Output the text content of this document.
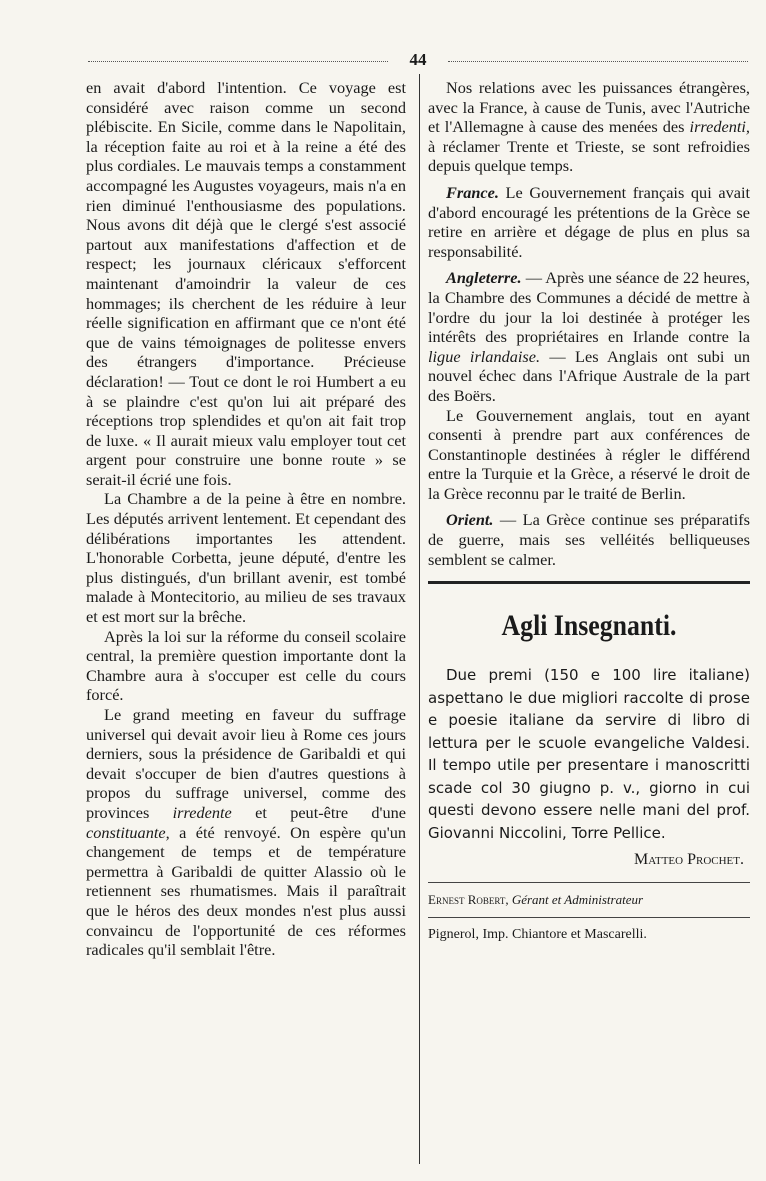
44

en avait d'abord l'intention. Ce voyage est considéré avec raison comme un second plébiscite. En Sicile, comme dans le Napolitain, la réception faite au roi et à la reine a été des plus cordiales. Le mauvais temps a constamment accompagné les Augustes voyageurs, mais n'a en rien diminué l'enthousiasme des populations. Nous avons dit déjà que le clergé s'est associé partout aux manifestations d'affection et de respect; les journaux cléricaux s'efforcent maintenant d'amoindrir la valeur de ces hommages; ils cherchent de les réduire à leur réelle signification en affirmant que ce n'ont été que de vains témoignages de politesse envers des étrangers d'importance. Précieuse déclaration! — Tout ce dont le roi Humbert a eu à se plaindre c'est qu'on lui ait préparé des réceptions trop splendides et qu'on ait fait trop de luxe. « Il aurait mieux valu employer tout cet argent pour construire une bonne route » se serait-il écrié une fois.

La Chambre a de la peine à être en nombre. Les députés arrivent lentement. Et cependant des délibérations importantes les attendent. L'honorable Corbetta, jeune député, d'entre les plus distingués, d'un brillant avenir, est tombé malade à Montecitorio, au milieu de ses travaux et est mort sur la brêche.

Après la loi sur la réforme du conseil scolaire central, la première question importante dont la Chambre aura à s'occuper est celle du cours forcé.

Le grand meeting en faveur du suffrage universel qui devait avoir lieu à Rome ces jours derniers, sous la présidence de Garibaldi et qui devait s'occuper de bien d'autres questions à propos du suffrage universel, comme des provinces irredente et peut-être d'une constituante, a été renvoyé. On espère qu'un changement de temps et de température permettra à Garibaldi de quitter Alassio où le retiennent ses rhumatismes. Mais il paraîtrait que le héros des deux mondes n'est plus aussi convaincu de l'opportunité de ces réformes radicales qu'il semblait l'être.

Nos relations avec les puissances étrangères, avec la France, à cause de Tunis, avec l'Autriche et l'Allemagne à cause des menées des irredenti, à réclamer Trente et Trieste, se sont refroidies depuis quelque temps.

France. Le Gouvernement français qui avait d'abord encouragé les prétentions de la Grèce se retire en arrière et dégage de plus en plus sa responsabilité.

Angleterre. — Après une séance de 22 heures, la Chambre des Communes a décidé de mettre à l'ordre du jour la loi destinée à protéger les intérêts des propriétaires en Irlande contre la ligue irlandaise. — Les Anglais ont subi un nouvel échec dans l'Afrique Australe de la part des Boërs.

Le Gouvernement anglais, tout en ayant consenti à prendre part aux conférences de Constantinople destinées à régler le différend entre la Turquie et la Grèce, a réservé le droit de la Grèce reconnu par le traité de Berlin.

Orient. — La Grèce continue ses préparatifs de guerre, mais ses velléités belliqueuses semblent se calmer.

Agli Insegnanti.

Due premi (150 e 100 lire italiane) aspettano le due migliori raccolte di prose e poesie italiane da servire di libro di lettura per le scuole evangeliche Valdesi. Il tempo utile per presentare i manoscritti scade col 30 giugno p. v., giorno in cui questi devono essere nelle mani del prof. Giovanni Niccolini, Torre Pellice.

Matteo Prochet.
Ernest Robert, Gérant et Administrateur
Pignerol, Imp. Chiantore et Mascarelli.
